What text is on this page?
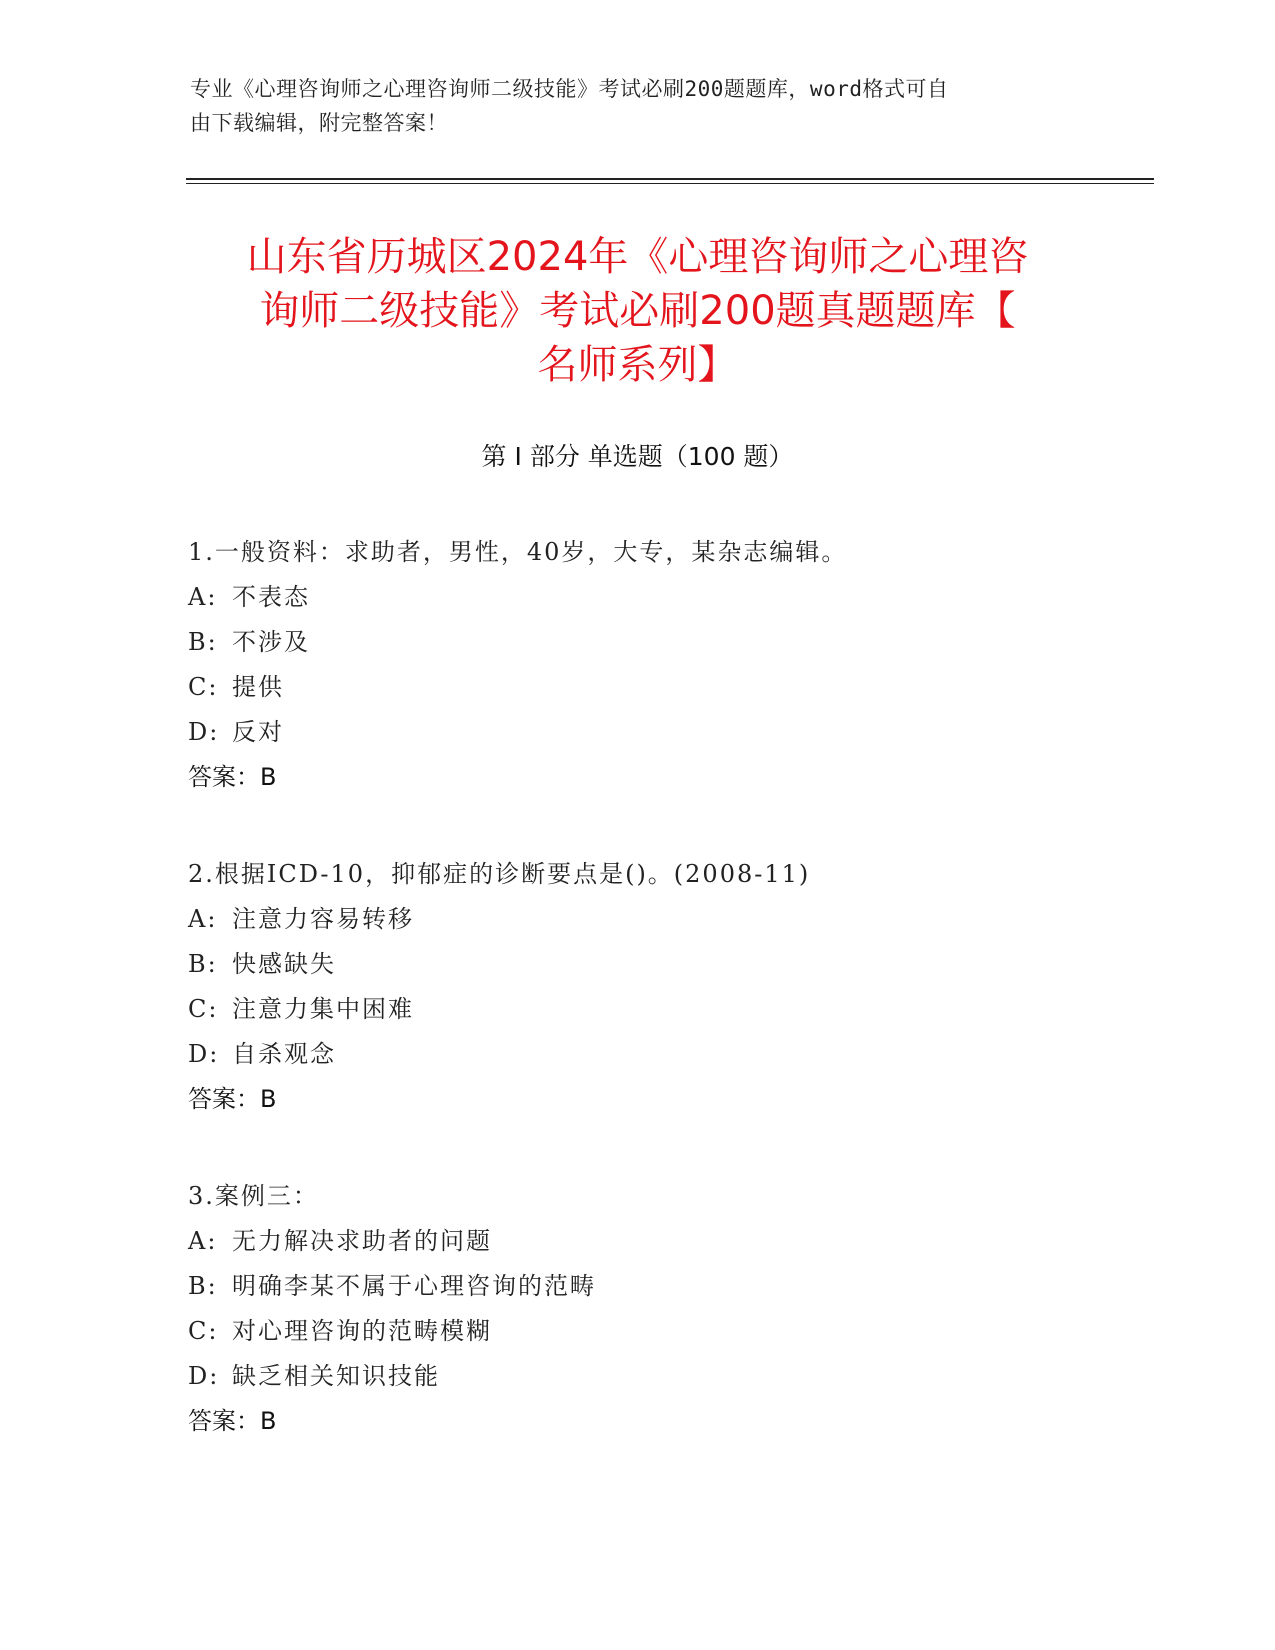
专业《心理咨询师之心理咨询师二级技能》考试必刷200题题库，word格式可自
由下载编辑，附完整答案！
山东省历城区2024年《心理咨询师之心理咨
询师二级技能》考试必刷200题真题题库【
名师系列】
第 I 部分 单选题（100 题）
1.一般资料：求助者，男性，40岁，大专，某杂志编辑。
A: 不表态
B: 不涉及
C: 提供
D: 反对
答案：B
2.根据ICD-10，抑郁症的诊断要点是()。(2008-11)
A: 注意力容易转移
B: 快感缺失
C: 注意力集中困难
D: 自杀观念
答案：B
3.案例三：
A: 无力解决求助者的问题
B: 明确李某不属于心理咨询的范畴
C: 对心理咨询的范畴模糊
D: 缺乏相关知识技能
答案：B
